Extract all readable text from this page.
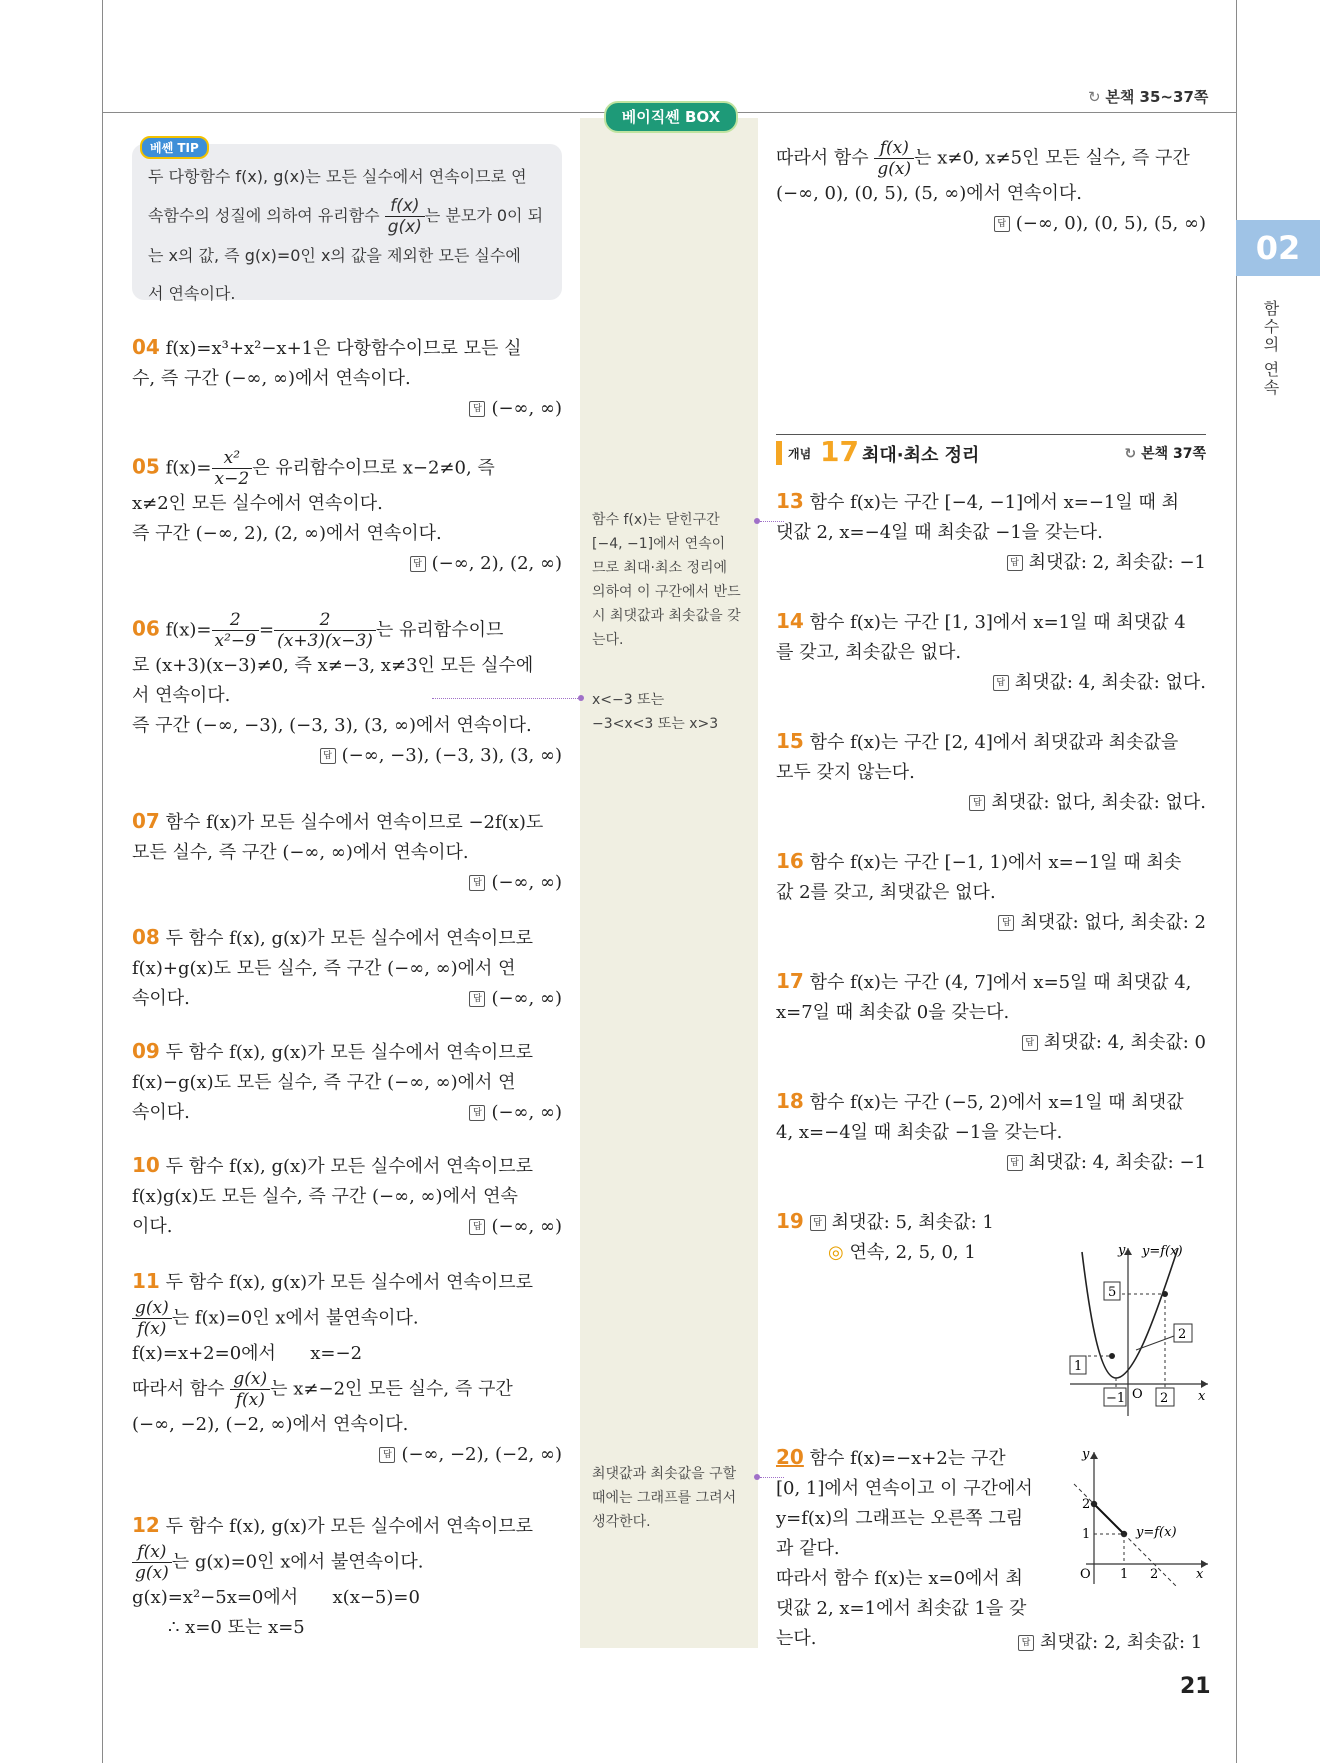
↻ 본책 35~37쪽
베이직쎈 BOX
02
함수의 연속
베쎈 TIP
두 다항함수 f(x), g(x)는 모든 실수에서 연속이므로 연
속함수의 성질에 의하여 유리함수 $\frac{f(x)}{g(x)}$ 는 분모가 0이 되
는 x의 값, 즉 g(x)=0인 x의 값을 제외한 모든 실수에
서 연속이다.
04 f(x)=x³+x²−x+1은 다항함수이므로 모든 실
수, 즉 구간 (−∞, ∞)에서 연속이다.
답 (−∞, ∞)
05 $f(x)= \frac{\text{x²}}{x-2}$ 은 유리함수이므로 x−2≠0, 즉
x≠2인 모든 실수에서 연속이다.
즉 구간 (−∞, 2), (2, ∞)에서 연속이다.
답 (−∞, 2), (2, ∞)
06 $f(x)= \frac{2}{\text{x²−9}} = \frac{2}{(x+3)(x-3)}$ 는 유리함수이므
로 (x+3)(x−3)≠0, 즉 x≠−3, x≠3인 모든 실수에
서 연속이다.
즉 구간 (−∞, −3), (−3, 3), (3, ∞)에서 연속이다.
답 (−∞, −3), (−3, 3), (3, ∞)
07 함수 f(x)가 모든 실수에서 연속이므로 −2f(x)도
모든 실수, 즉 구간 (−∞, ∞)에서 연속이다.
답 (−∞, ∞)
08 두 함수 f(x), g(x)가 모든 실수에서 연속이므로
f(x)+g(x)도 모든 실수, 즉 구간 (−∞, ∞)에서 연
속이다.	답 (−∞, ∞)
09 두 함수 f(x), g(x)가 모든 실수에서 연속이므로
f(x)−g(x)도 모든 실수, 즉 구간 (−∞, ∞)에서 연
속이다.	답 (−∞, ∞)
10 두 함수 f(x), g(x)가 모든 실수에서 연속이므로
f(x)g(x)도 모든 실수, 즉 구간 (−∞, ∞)에서 연속
이다.	답 (−∞, ∞)
11 두 함수 f(x), g(x)가 모든 실수에서 연속이므로
$\frac{g(x)}{f(x)}$ 는 f(x)=0인 x에서 불연속이다.
f(x)=x+2=0에서 x=−2
따라서 함수 $\frac{g(x)}{f(x)}$ 는 x≠−2인 모든 실수, 즉 구간
(−∞, −2), (−2, ∞)에서 연속이다.
답 (−∞, −2), (−2, ∞)
12 두 함수 f(x), g(x)가 모든 실수에서 연속이므로
$\frac{f(x)}{g(x)}$ 는 g(x)=0인 x에서 불연속이다.
g(x)=x²−5x=0에서 x(x−5)=0
∴ x=0 또는 x=5
함수 f(x)는 닫힌구간
[−4, −1]에서 연속이
므로 최대·최소 정리에
의하여 이 구간에서 반드
시 최댓값과 최솟값을 갖
는다.
x<−3 또는
−3<x<3 또는 x>3
최댓값과 최솟값을 구할
때에는 그래프를 그려서
생각한다.
따라서 함수 $\frac{f(x)}{g(x)}$ 는 x≠0, x≠5인 모든 실수, 즉 구간
(−∞, 0), (0, 5), (5, ∞)에서 연속이다.
답 (−∞, 0), (0, 5), (5, ∞)
개념 17 최대·최소 정리	↻ 본책 37쪽
13 함수 f(x)는 구간 [−4, −1]에서 x=−1일 때 최
댓값 2, x=−4일 때 최솟값 −1을 갖는다.
답 최댓값: 2, 최솟값: −1
14 함수 f(x)는 구간 [1, 3]에서 x=1일 때 최댓값 4
를 갖고, 최솟값은 없다.
답 최댓값: 4, 최솟값: 없다.
15 함수 f(x)는 구간 [2, 4]에서 최댓값과 최솟값을
모두 갖지 않는다.
답 최댓값: 없다, 최솟값: 없다.
16 함수 f(x)는 구간 [−1, 1)에서 x=−1일 때 최솟
값 2를 갖고, 최댓값은 없다.
답 최댓값: 없다, 최솟값: 2
17 함수 f(x)는 구간 (4, 7]에서 x=5일 때 최댓값 4,
x=7일 때 최솟값 0을 갖는다.
답 최댓값: 4, 최솟값: 0
18 함수 f(x)는 구간 (−5, 2)에서 x=1일 때 최댓값
4, x=−4일 때 최솟값 −1을 갖는다.
답 최댓값: 4, 최솟값: −1
19 답 최댓값: 5, 최솟값: 1
◎ 연속, 2, 5, 0, 1	y
x
O
y=f(x)
5
2
1
−1	2
20 함수 f(x)=−x+2는 구간
[0, 1]에서 연속이고 이 구간에서
y=f(x)의 그래프는 오른쪽 그림
과 같다.
따라서 함수 f(x)는 x=0에서 최
댓값 2, x=1에서 최솟값 1을 갖
는다.	답 최댓값: 2, 최솟값: 1
y
x
O
2
1
1 2
y=f(x)
21
